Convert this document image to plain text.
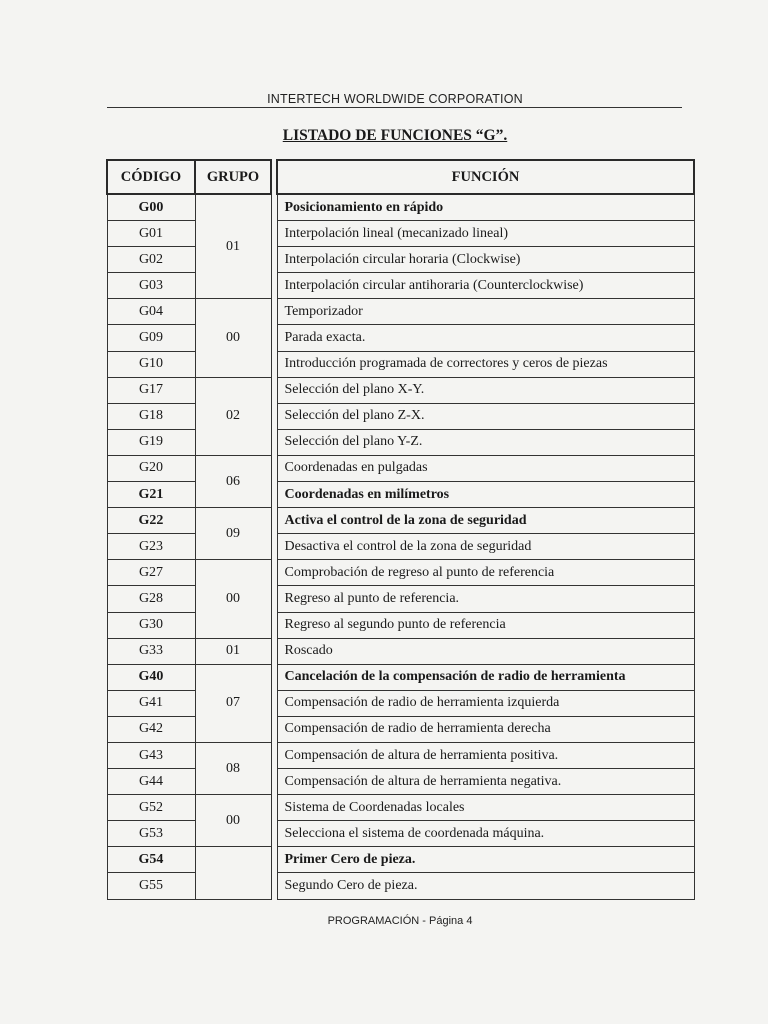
INTERTECH WORLDWIDE CORPORATION
LISTADO DE FUNCIONES “G”.
CÓDIGO	GRUPO		FUNCIÓN
G00	01		Posicionamiento en rápido
G01			Interpolación lineal (mecanizado lineal)
G02			Interpolación circular horaria (Clockwise)
G03			Interpolación circular antihoraria (Counterclockwise)
G04	00		Temporizador
G09			Parada exacta.
G10			Introducción programada de correctores y ceros de piezas
G17	02		Selección del plano X-Y.
G18			Selección del plano Z-X.
G19			Selección del plano Y-Z.
G20	06		Coordenadas en pulgadas
G21			Coordenadas en milímetros
G22	09		Activa el control de la zona de seguridad
G23			Desactiva el control de la zona de seguridad
G27	00		Comprobación de regreso al punto de referencia
G28			Regreso al punto de referencia.
G30			Regreso al segundo punto de referencia
G33	01		Roscado
G40	07		Cancelación de la compensación de radio de herramienta
G41			Compensación de radio de herramienta izquierda
G42			Compensación de radio de herramienta derecha
G43	08		Compensación de altura de herramienta positiva.
G44			Compensación de altura de herramienta negativa.
G52	00		Sistema de Coordenadas locales
G53			Selecciona el sistema de coordenada máquina.
G54			Primer Cero de pieza.
G55			Segundo Cero de pieza.
PROGRAMACIÓN - Página 4
